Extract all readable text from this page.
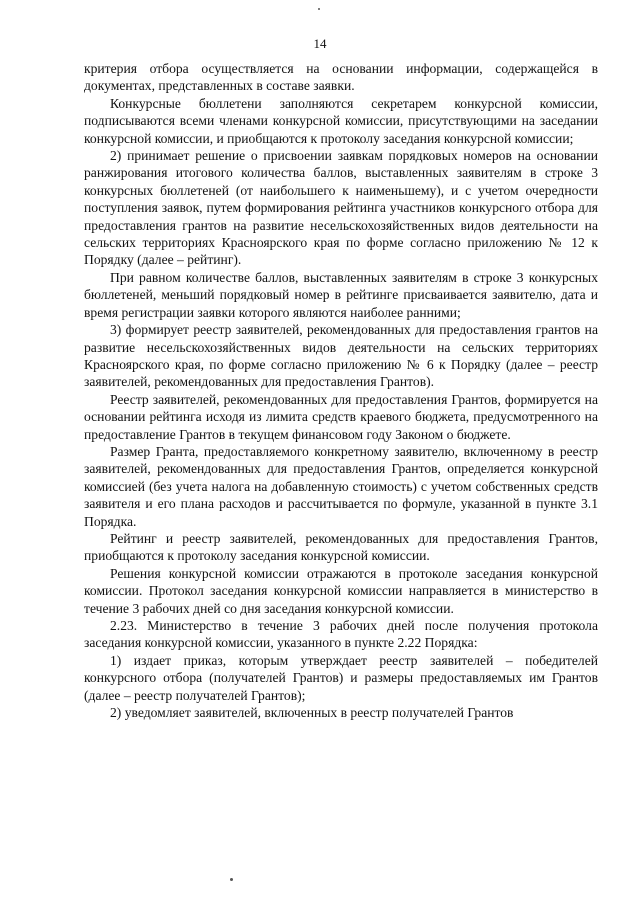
14

критерия отбора осуществляется на основании информации, содержащейся в документах, представленных в составе заявки.

Конкурсные бюллетени заполняются секретарем конкурсной комиссии, подписываются всеми членами конкурсной комиссии, присутствующими на заседании конкурсной комиссии, и приобщаются к протоколу заседания конкурсной комиссии;

2) принимает решение о присвоении заявкам порядковых номеров на основании ранжирования итогового количества баллов, выставленных заявителям в строке 3 конкурсных бюллетеней (от наибольшего к наименьшему), и с учетом очередности поступления заявок, путем формирования рейтинга участников конкурсного отбора для предоставления грантов на развитие несельскохозяйственных видов деятельности на сельских территориях Красноярского края по форме согласно приложению № 12 к Порядку (далее – рейтинг).

При равном количестве баллов, выставленных заявителям в строке 3 конкурсных бюллетеней, меньший порядковый номер в рейтинге присваивается заявителю, дата и время регистрации заявки которого являются наиболее ранними;

3) формирует реестр заявителей, рекомендованных для предоставления грантов на развитие несельскохозяйственных видов деятельности на сельских территориях Красноярского края, по форме согласно приложению № 6 к Порядку (далее – реестр заявителей, рекомендованных для предоставления Грантов).

Реестр заявителей, рекомендованных для предоставления Грантов, формируется на основании рейтинга исходя из лимита средств краевого бюджета, предусмотренного на предоставление Грантов в текущем финансовом году Законом о бюджете.

Размер Гранта, предоставляемого конкретному заявителю, включенному в реестр заявителей, рекомендованных для предоставления Грантов, определяется конкурсной комиссией (без учета налога на добавленную стоимость) с учетом собственных средств заявителя и его плана расходов и рассчитывается по формуле, указанной в пункте 3.1 Порядка.

Рейтинг и реестр заявителей, рекомендованных для предоставления Грантов, приобщаются к протоколу заседания конкурсной комиссии.

Решения конкурсной комиссии отражаются в протоколе заседания конкурсной комиссии. Протокол заседания конкурсной комиссии направляется в министерство в течение 3 рабочих дней со дня заседания конкурсной комиссии.

2.23. Министерство в течение 3 рабочих дней после получения протокола заседания конкурсной комиссии, указанного в пункте 2.22 Порядка:

1) издает приказ, которым утверждает реестр заявителей – победителей конкурсного отбора (получателей Грантов) и размеры предоставляемых им Грантов (далее – реестр получателей Грантов);

2) уведомляет заявителей, включенных в реестр получателей Грантов
